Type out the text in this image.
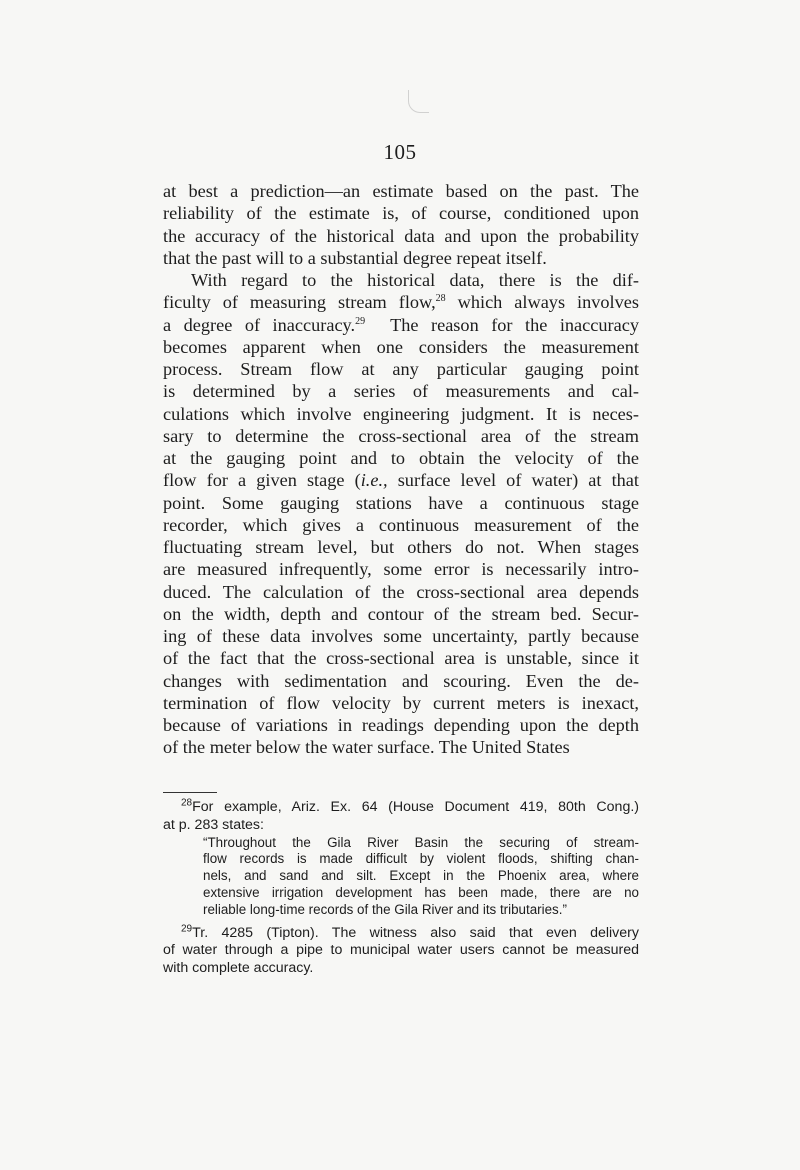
105
at best a prediction—an estimate based on the past. The
reliability of the estimate is, of course, conditioned upon
the accuracy of the historical data and upon the probability
that the past will to a substantial degree repeat itself.
With regard to the historical data, there is the dif-
ficulty of measuring stream flow,$^{28}$ which always involves
a degree of inaccuracy.$^{29}$ The reason for the inaccuracy
becomes apparent when one considers the measurement
process. Stream flow at any particular gauging point
is determined by a series of measurements and cal-
culations which involve engineering judgment. It is neces-
sary to determine the cross-sectional area of the stream
at the gauging point and to obtain the velocity of the
flow for a given stage (i.e., surface level of water) at that
point. Some gauging stations have a continuous stage
recorder, which gives a continuous measurement of the
fluctuating stream level, but others do not. When stages
are measured infrequently, some error is necessarily intro-
duced. The calculation of the cross-sectional area depends
on the width, depth and contour of the stream bed. Secur-
ing of these data involves some uncertainty, partly because
of the fact that the cross-sectional area is unstable, since it
changes with sedimentation and scouring. Even the de-
termination of flow velocity by current meters is inexact,
because of variations in readings depending upon the depth
of the meter below the water surface. The United States
$^{28}$For example, Ariz. Ex. 64 (House Document 419, 80th Cong.)
at p. 283 states:
“Throughout the Gila River Basin the securing of stream-
flow records is made difficult by violent floods, shifting chan-
nels, and sand and silt. Except in the Phoenix area, where
extensive irrigation development has been made, there are no
reliable long-time records of the Gila River and its tributaries.”
$^{29}$Tr. 4285 (Tipton). The witness also said that even delivery
of water through a pipe to municipal water users cannot be measured
with complete accuracy.
